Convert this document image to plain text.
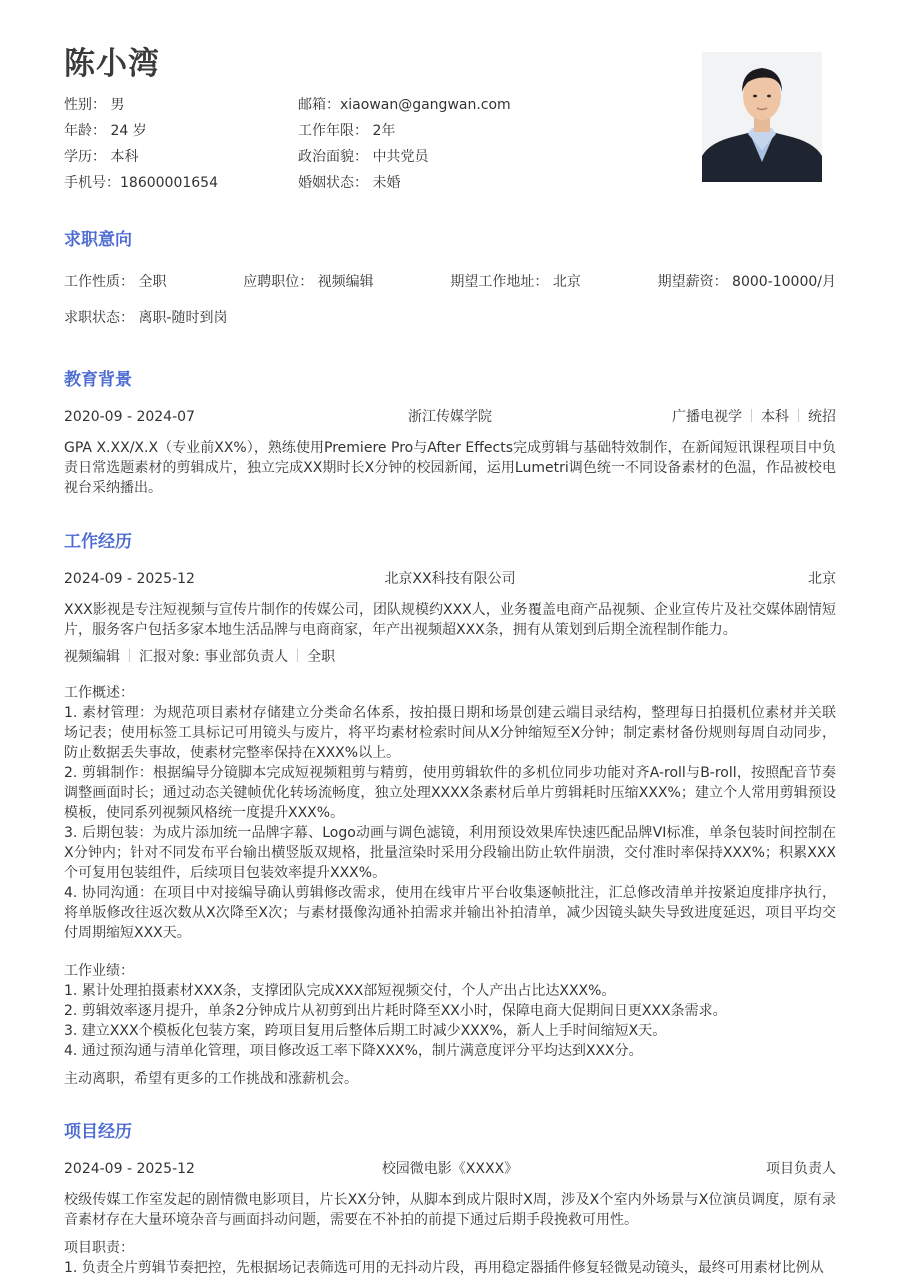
陈小湾
性别： 男	邮箱：xiaowan@gangwan.com
年龄： 24 岁	工作年限： 2年
学历： 本科	政治面貌： 中共党员
手机号：18600001654	婚姻状态： 未婚
求职意向
工作性质： 全职	应聘职位： 视频编辑	期望工作地址： 北京	期望薪资： 8000-10000/月
求职状态： 离职-随时到岗
教育背景
2020-09 - 2024-07	浙江传媒学院	广播电视学 本科 统招
GPA X.XX/X.X（专业前XX%），熟练使用Premiere Pro与After Effects完成剪辑与基础特效制作，在新闻短讯课程项目中负责日常选题素材的剪辑成片，独立完成XX期时长X分钟的校园新闻，运用Lumetri调色统一不同设备素材的色温，作品被校电视台采纳播出。
工作经历
2024-09 - 2025-12	北京XX科技有限公司	北京
XXX影视是专注短视频与宣传片制作的传媒公司，团队规模约XXX人，业务覆盖电商产品视频、企业宣传片及社交媒体剧情短片，服务客户包括多家本地生活品牌与电商商家，年产出视频超XXX条，拥有从策划到后期全流程制作能力。
视频编辑 汇报对象: 事业部负责人 全职
工作概述：
1. 素材管理：为规范项目素材存储建立分类命名体系，按拍摄日期和场景创建云端目录结构，整理每日拍摄机位素材并关联场记表；使用标签工具标记可用镜头与废片，将平均素材检索时间从X分钟缩短至X分钟；制定素材备份规则每周自动同步，防止数据丢失事故，使素材完整率保持在XXX%以上。
2. 剪辑制作：根据编导分镜脚本完成短视频粗剪与精剪，使用剪辑软件的多机位同步功能对齐A-roll与B-roll，按照配音节奏调整画面时长；通过动态关键帧优化转场流畅度，独立处理XXXX条素材后单片剪辑耗时压缩XXX%；建立个人常用剪辑预设模板，使同系列视频风格统一度提升XXX%。
3. 后期包装：为成片添加统一品牌字幕、Logo动画与调色滤镜，利用预设效果库快速匹配品牌VI标准，单条包装时间控制在X分钟内；针对不同发布平台输出横竖版双规格，批量渲染时采用分段输出防止软件崩溃，交付准时率保持XXX%；积累XXX个可复用包装组件，后续项目包装效率提升XXX%。
4. 协同沟通：在项目中对接编导确认剪辑修改需求，使用在线审片平台收集逐帧批注，汇总修改清单并按紧迫度排序执行，将单版修改往返次数从X次降至X次；与素材摄像沟通补拍需求并输出补拍清单，减少因镜头缺失导致进度延迟，项目平均交付周期缩短XXX天。
工作业绩：
1. 累计处理拍摄素材XXX条，支撑团队完成XXX部短视频交付，个人产出占比达XXX%。
2. 剪辑效率逐月提升，单条2分钟成片从初剪到出片耗时降至XX小时，保障电商大促期间日更XXX条需求。
3. 建立XXX个模板化包装方案，跨项目复用后整体后期工时减少XXX%，新人上手时间缩短X天。
4. 通过预沟通与清单化管理，项目修改返工率下降XXX%，制片满意度评分平均达到XXX分。
主动离职，希望有更多的工作挑战和涨薪机会。
项目经历
2024-09 - 2025-12	校园微电影《XXXX》	项目负责人
校级传媒工作室发起的剧情微电影项目，片长XX分钟，从脚本到成片限时X周，涉及X个室内外场景与X位演员调度，原有录音素材存在大量环境杂音与画面抖动问题，需要在不补拍的前提下通过后期手段挽救可用性。
项目职责：
1. 负责全片剪辑节奏把控，先根据场记表筛选可用的无抖动片段，再用稳定器插件修复轻微晃动镜头，最终可用素材比例从
